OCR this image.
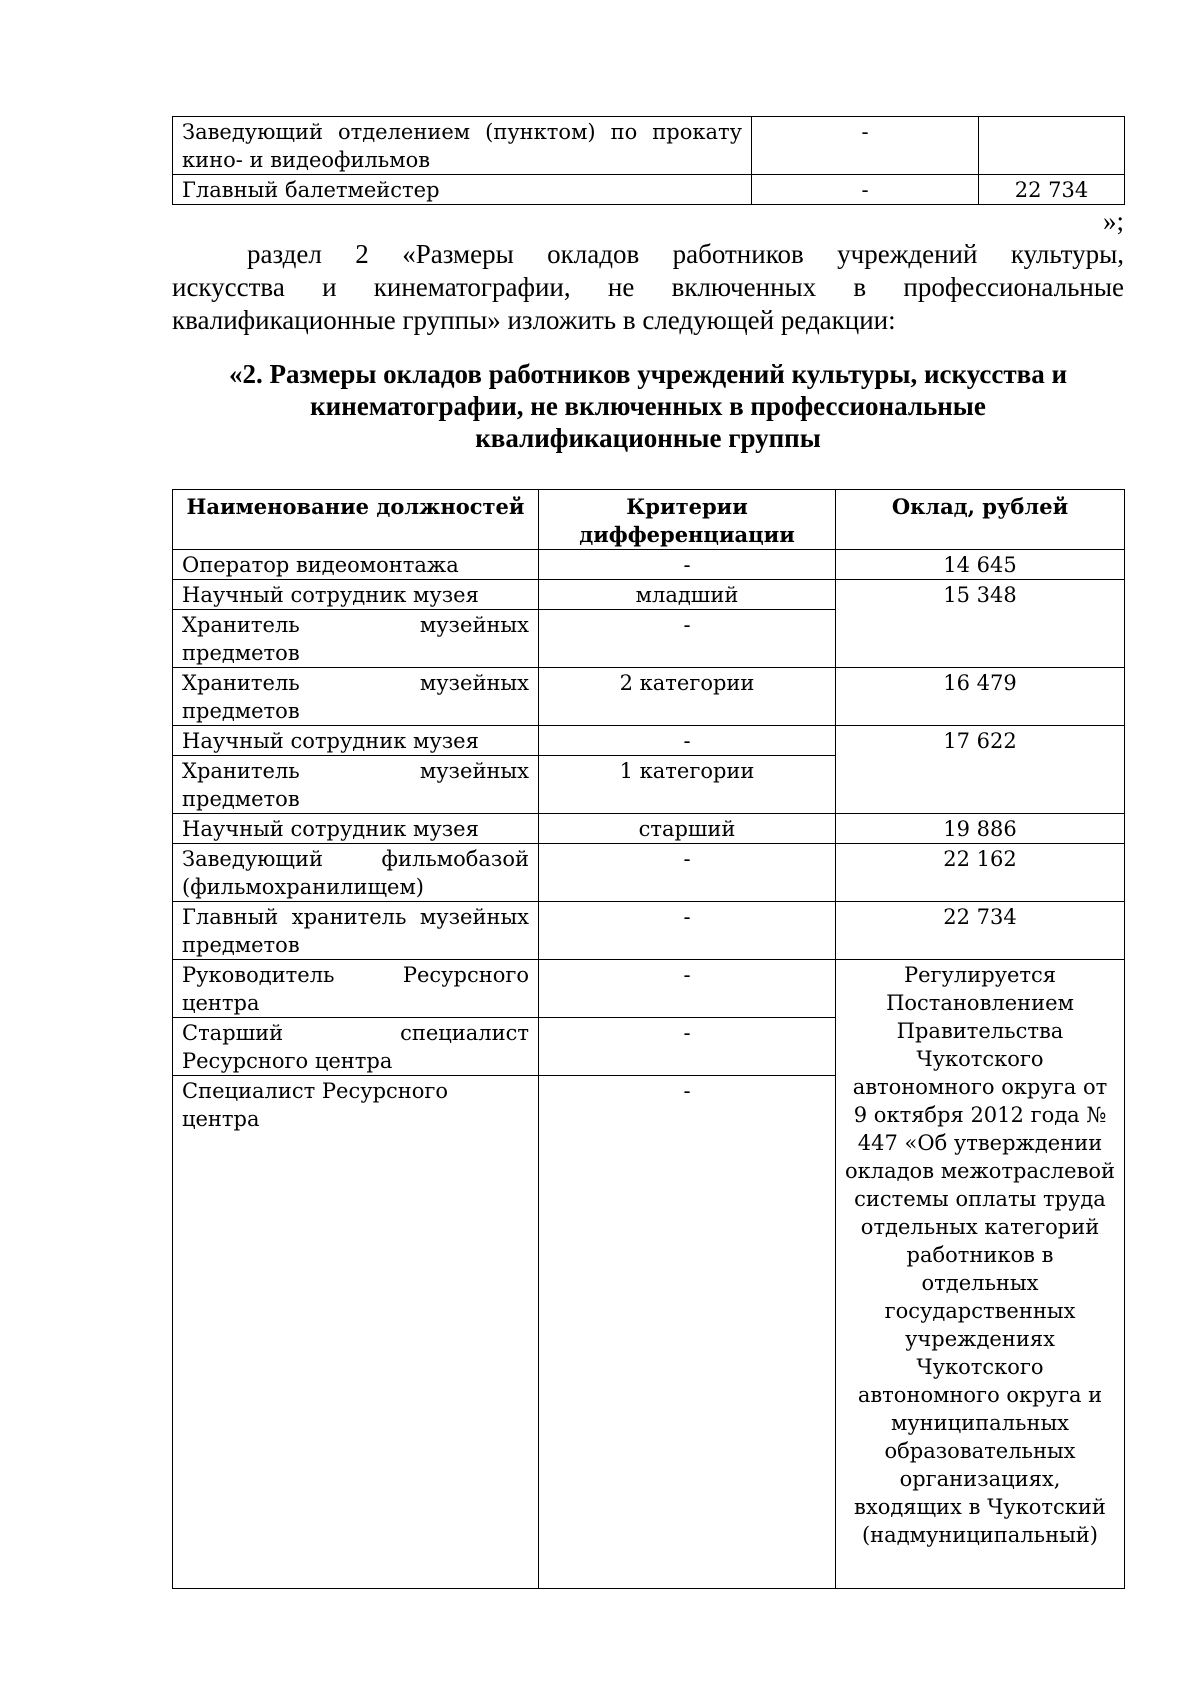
Заведующий отделением (пунктом) по прокату кино- и видеофильмов	-	
Главный балетмейстер	-	22 734
»;
раздел 2 «Размеры окладов работников учреждений культуры,
искусства и кинематографии, не включенных в профессиональные
квалификационные группы» изложить в следующей редакции:
«2. Размеры окладов работников учреждений культуры, искусства и
кинематографии, не включенных в профессиональные
квалификационные группы
Наименование должностей	Критерии дифференциации	Оклад, рублей
Оператор видеомонтажа	-	14 645
Научный сотрудник музея	младший	15 348
Хранитель музейных предметов	-	
Хранитель музейных предметов	2 категории	16 479
Научный сотрудник музея	-	17 622
Хранитель музейных предметов	1 категории	
Научный сотрудник музея	старший	19 886
Заведующий фильмобазой (фильмохранилищем)	-	22 162
Главный хранитель музейных предметов	-	22 734
Руководитель Ресурсного центра	-	Регулируется Постановлением Правительства Чукотского автономного округа от 9 октября 2012 года № 447 «Об утверждении окладов межотраслевой системы оплаты труда отдельных категорий работников в отдельных государственных учреждениях Чукотского автономного округа и муниципальных образовательных организациях, входящих в Чукотский (надмуниципальный)
Старший специалист Ресурсного центра	-	
Специалист Ресурсного центра	-	
